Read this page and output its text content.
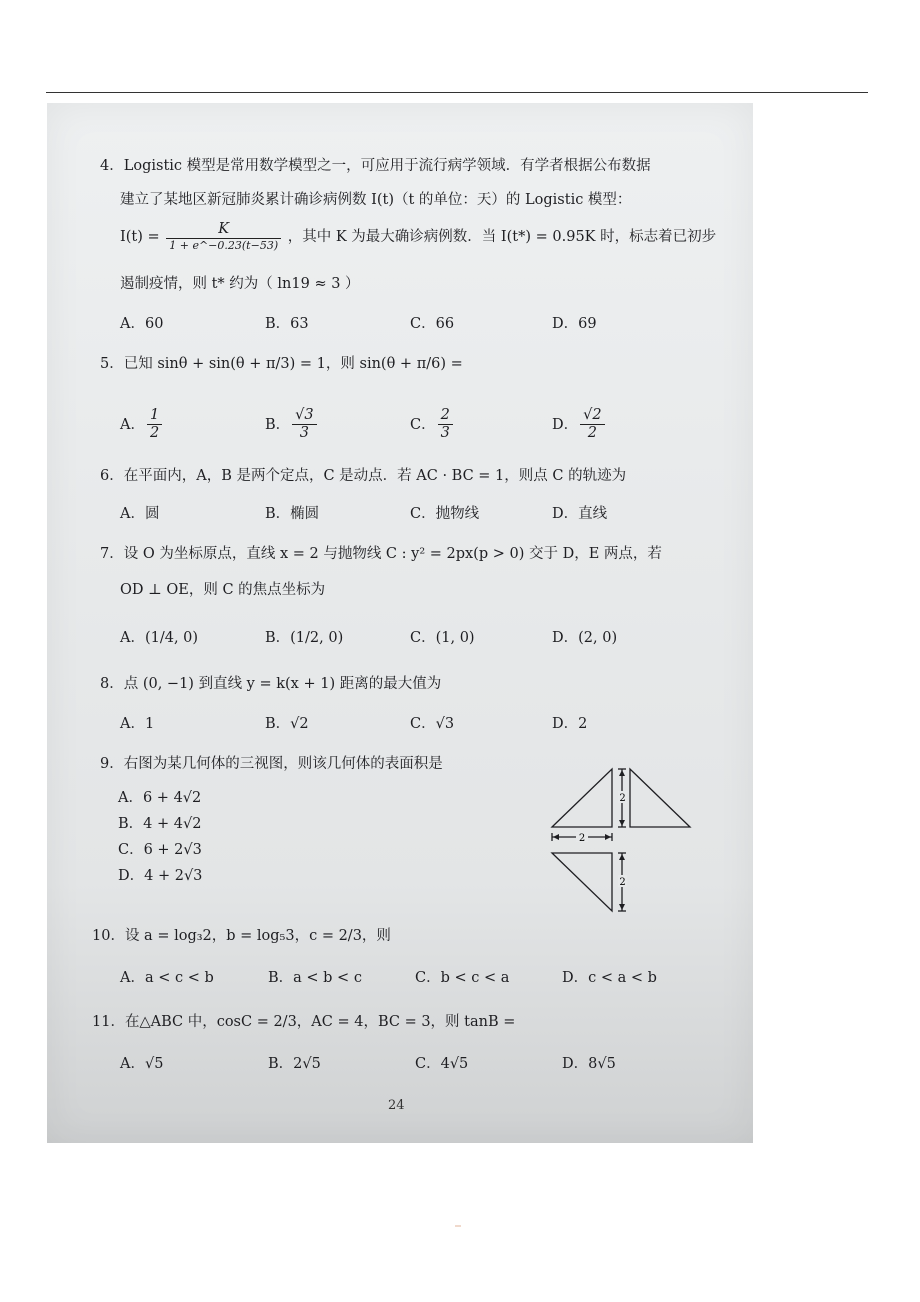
4．Logistic 模型是常用数学模型之一，可应用于流行病学领域．有学者根据公布数据
建立了某地区新冠肺炎累计确诊病例数 I(t)（t 的单位：天）的 Logistic 模型：
$I(t) = \frac{K}{1 + e\^{}-0.23(t-53)}$ ，其中 K 为最大确诊病例数．当 I(t*) = 0.95K 时，标志着已初步
遏制疫情，则 t* 约为（ ln19 ≈ 3 ）
A．60	B．63	C．66	D．69
5．已知 sinθ + sin(θ + π/3) = 1，则 sin(θ + π/6) =
A． $\frac{1}{2}$	B． $\frac{√3}{3}$	C． $\frac{2}{3}$	D． $\frac{√2}{2}$
6．在平面内，A，B 是两个定点，C 是动点．若 AC · BC = 1，则点 C 的轨迹为
A．圆	B．椭圆	C．抛物线	D．直线
7．设 O 为坐标原点，直线 x = 2 与抛物线 C : y² = 2px(p > 0) 交于 D，E 两点，若
OD ⊥ OE，则 C 的焦点坐标为
A．(1/4, 0)	B．(1/2, 0)	C．(1, 0)	D．(2, 0)
8．点 (0, −1) 到直线 y = k(x + 1) 距离的最大值为
A．1	B．√2	C．√3	D．2
9．右图为某几何体的三视图，则该几何体的表面积是
A．6 + 4√2
B．4 + 4√2
C．6 + 2√3
D．4 + 2√3
2
2
2
10．设 a = log₃2，b = log₅3，c = 2/3，则
A．a < c < b	B．a < b < c	C．b < c < a	D．c < a < b
11．在△ABC 中，cosC = 2/3，AC = 4，BC = 3，则 tanB =
A．√5	B．2√5	C．4√5	D．8√5
24
